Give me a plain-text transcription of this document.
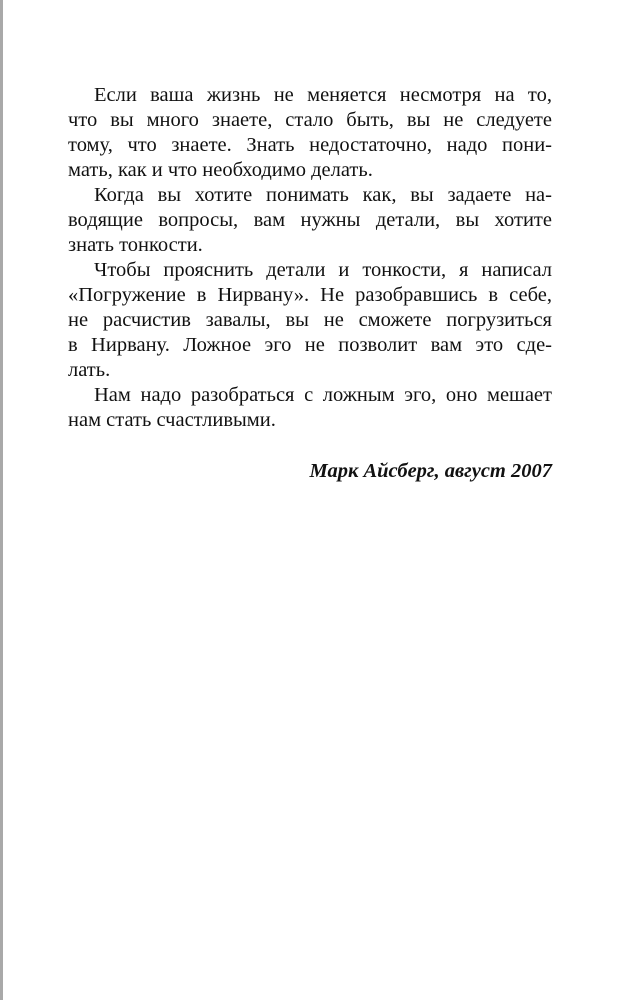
Если ваша жизнь не меняется несмотря на то,
что вы много знаете, стало быть, вы не следуете
тому, что знаете. Знать недостаточно, надо пони-
мать, как и что необходимо делать.
Когда вы хотите понимать как, вы задаете на-
водящие вопросы, вам нужны детали, вы хотите
знать тонкости.
Чтобы прояснить детали и тонкости, я написал
«Погружение в Нирвану». Не разобравшись в себе,
не расчистив завалы, вы не сможете погрузиться
в Нирвану. Ложное эго не позволит вам это сде-
лать.
Нам надо разобраться с ложным эго, оно мешает
нам стать счастливыми.
Марк Айсберг, август 2007
